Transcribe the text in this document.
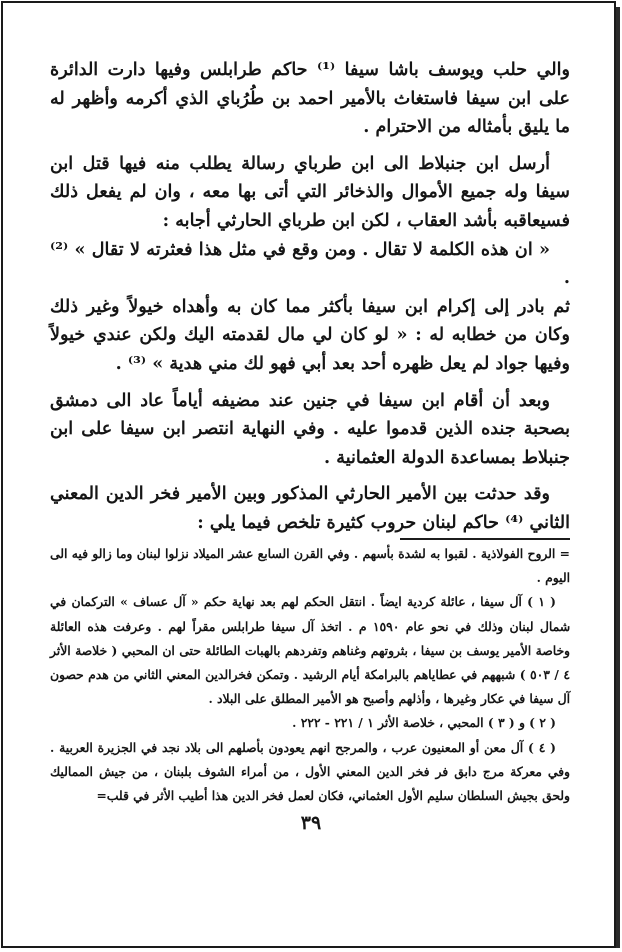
والي حلب ويوسف باشا سيفا ⁽¹⁾ حاكم طرابلس وفيها دارت الدائرة على ابن سيفا فاستغاث بالأمير احمد بن طُرُباي الذي أكرمه وأظهر له ما يليق بأمثاله من الاحترام .

أرسل ابن جنبلاط الى ابن طرباي رسالة يطلب منه فيها قتل ابن سيفا وله جميع الأموال والذخائر التي أتى بها معه ، وان لم يفعل ذلك فسيعاقبه بأشد العقاب ، لكن ابن طرباي الحارثي أجابه :

« ان هذه الكلمة لا تقال . ومن وقع في مثل هذا فعثرته لا تقال » ⁽²⁾ .

ثم بادر إلى إكرام ابن سيفا بأكثر مما كان به وأهداه خيولاً وغير ذلك وكان من خطابه له : « لو كان لي مال لقدمته اليك ولكن عندي خيولاً وفيها جواد لم يعل ظهره أحد بعد أبي فهو لك مني هدية » ⁽³⁾ .

وبعد أن أقام ابن سيفا في جنين عند مضيفه أياماً عاد الى دمشق بصحبة جنده الذين قدموا عليه . وفي النهاية انتصر ابن سيفا على ابن جنبلاط بمساعدة الدولة العثمانية .

وقد حدثت بين الأمير الحارثي المذكور وبين الأمير فخر الدين المعني الثاني ⁽⁴⁾ حاكم لبنان حروب كثيرة تلخص فيما يلي :

= الروح الفولاذية . لقبوا به لشدة بأسهم . وفي القرن السابع عشر الميلاد نزلوا لبنان وما زالو فيه الى اليوم .

( ١ ) آل سيفا ، عائلة كردية ايضاً . انتقل الحكم لهم بعد نهاية حكم « آل عساف » التركمان في شمال لبنان وذلك في نحو عام ١٥٩٠ م . اتخذ آل سيفا طرابلس مقراً لهم . وعرفت هذه العائلة وخاصة الأمير يوسف بن سيفا ، بثروتهم وغناهم وتفردهم بالهبات الطائلة حتى ان المحبي ( خلاصة الأثر ٤ / ٥٠٣ ) شبههم في عطاياهم بالبرامكة أيام الرشيد . وتمكن فخرالدين المعني الثاني من هدم حصون آل سيفا في عكار وغيرها ، وأذلهم وأصبح هو الأمير المطلق على البلاد .

( ٢ ) و ( ٣ ) المحبي ، خلاصة الأثر ١ / ٢٢١ - ٢٢٢ .

( ٤ ) آل معن أو المعنيون عرب ، والمرجح انهم يعودون بأصلهم الى بلاد نجد في الجزيرة العربية . وفي معركة مرج دابق فر فخر الدين المعني الأول ، من أمراء الشوف بلبنان ، من جيش المماليك ولحق بجيش السلطان سليم الأول العثماني، فكان لعمل فخر الدين هذا أطيب الأثر في قلب=

٣٩
